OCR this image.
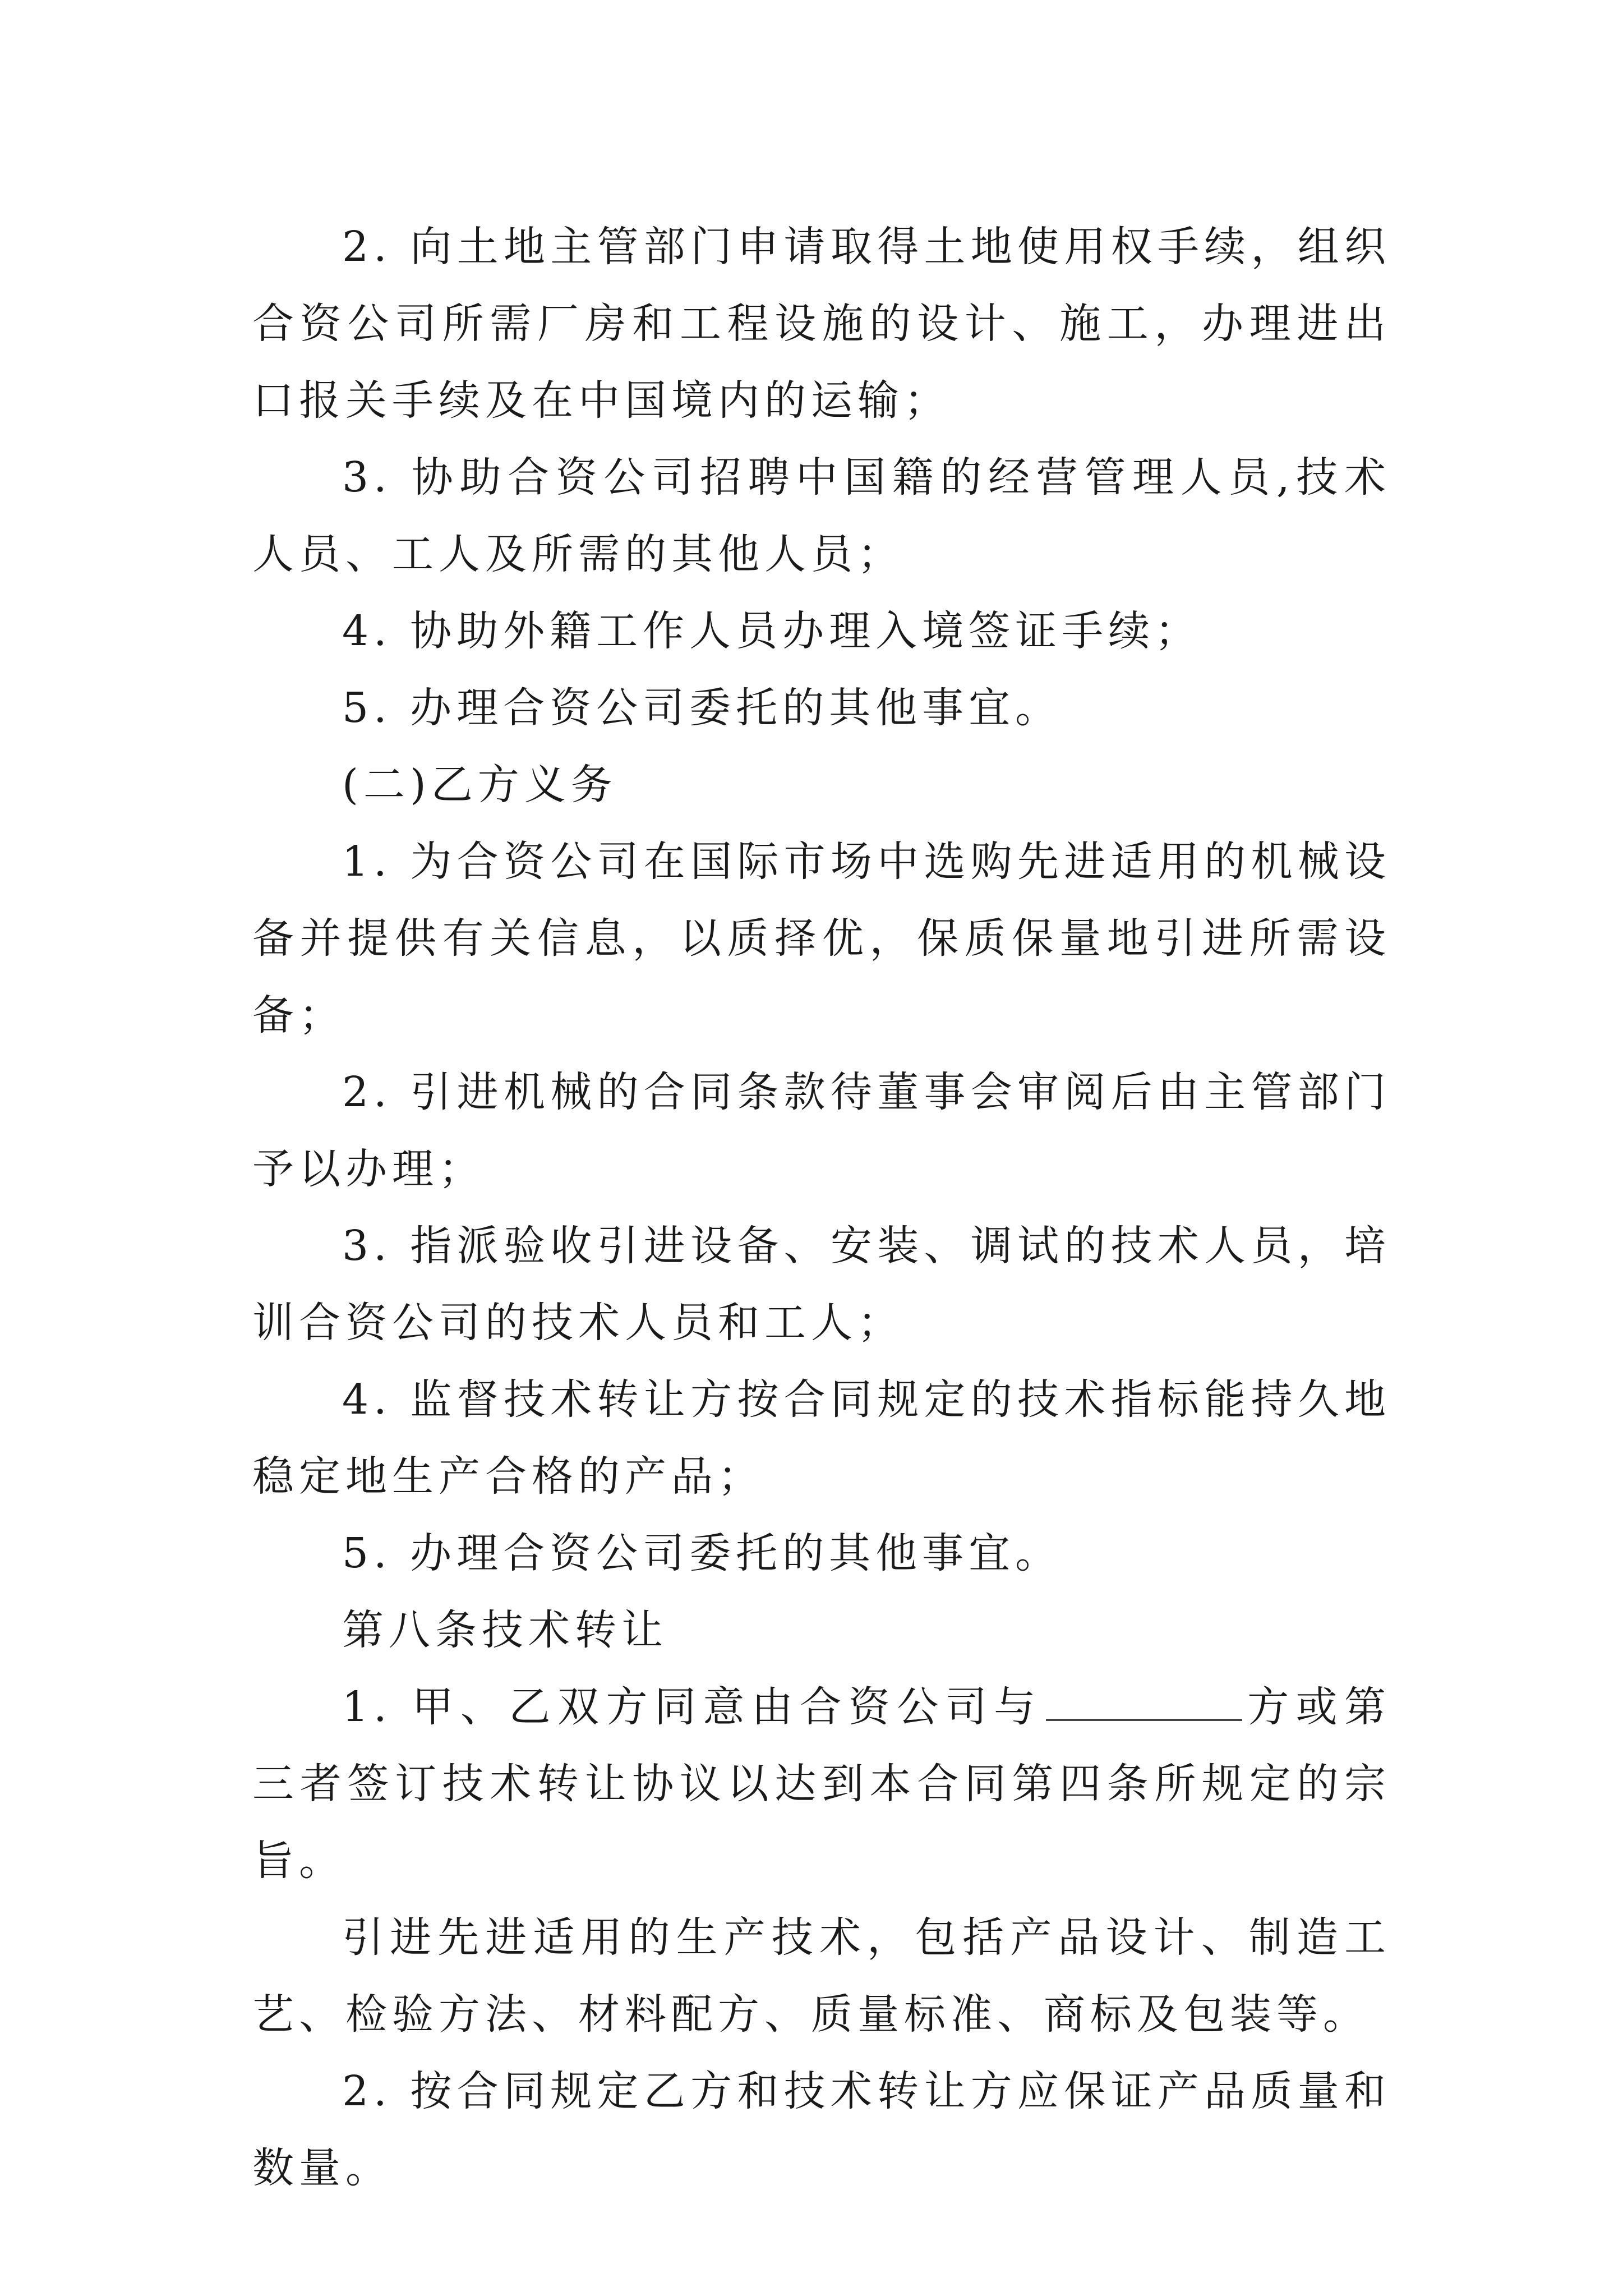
2. 向土地主管部门申请取得土地使用权手续，组织合资公司所需厂房和工程设施的设计、施工，办理进出口报关手续及在中国境内的运输；

3. 协助合资公司招聘中国籍的经营管理人员,技术人员、工人及所需的其他人员；

4. 协助外籍工作人员办理入境签证手续；

5. 办理合资公司委托的其他事宜。

(二)乙方义务

1. 为合资公司在国际市场中选购先进适用的机械设备并提供有关信息，以质择优，保质保量地引进所需设备；

2. 引进机械的合同条款待董事会审阅后由主管部门予以办理；

3. 指派验收引进设备、安装、调试的技术人员，培训合资公司的技术人员和工人；

4. 监督技术转让方按合同规定的技术指标能持久地稳定地生产合格的产品；

5. 办理合资公司委托的其他事宜。

第八条技术转让

1. 甲、乙双方同意由合资公司与	方或第三者签订技术转让协议以达到本合同第四条所规定的宗旨。

引进先进适用的生产技术，包括产品设计、制造工艺、检验方法、材料配方、质量标准、商标及包装等。

2. 按合同规定乙方和技术转让方应保证产品质量和数量。
